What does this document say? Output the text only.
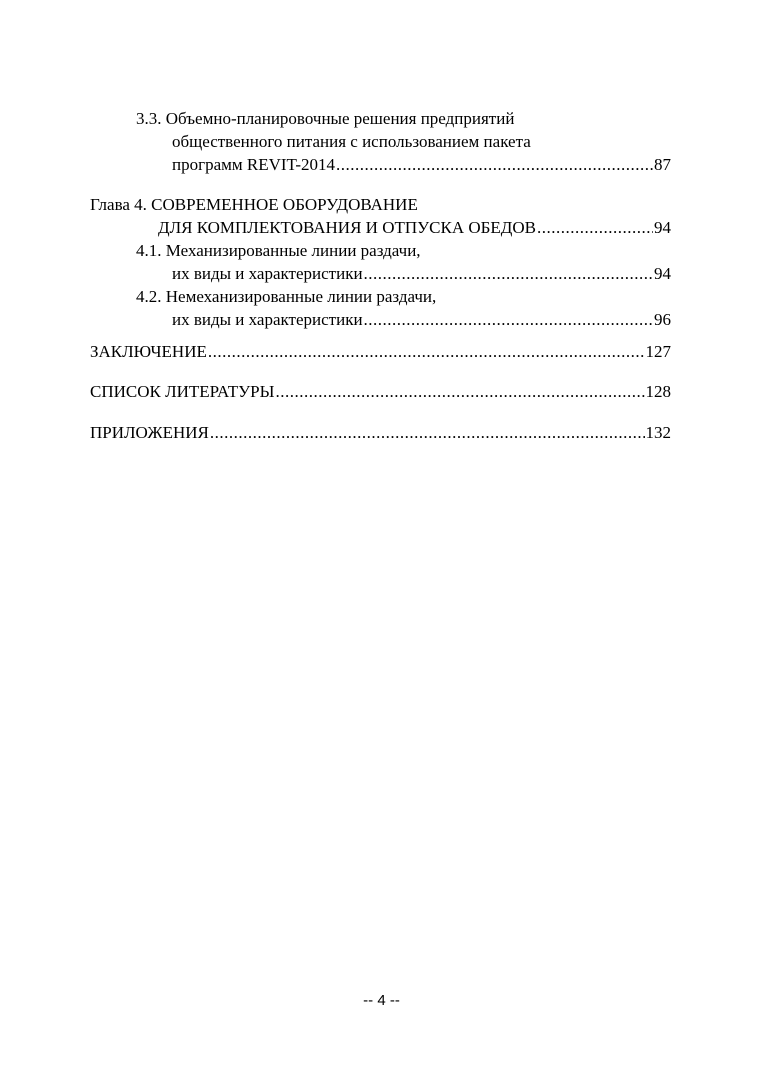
3.3. Объемно-планировочные решения предприятий
общественного питания с использованием пакета
программ REVIT-2014 .....	87
Глава 4. СОВРЕМЕННОЕ ОБОРУДОВАНИЕ
ДЛЯ КОМПЛЕКТОВАНИЯ И ОТПУСКА ОБЕДОВ .....	94
4.1. Механизированные линии раздачи,
их виды и характеристики .....	94
4.2. Немеханизированные линии раздачи,
их виды и характеристики .....	96
ЗАКЛЮЧЕНИЕ .....	127
СПИСОК ЛИТЕРАТУРЫ .....	128
ПРИЛОЖЕНИЯ .....	132
-- 4 --
